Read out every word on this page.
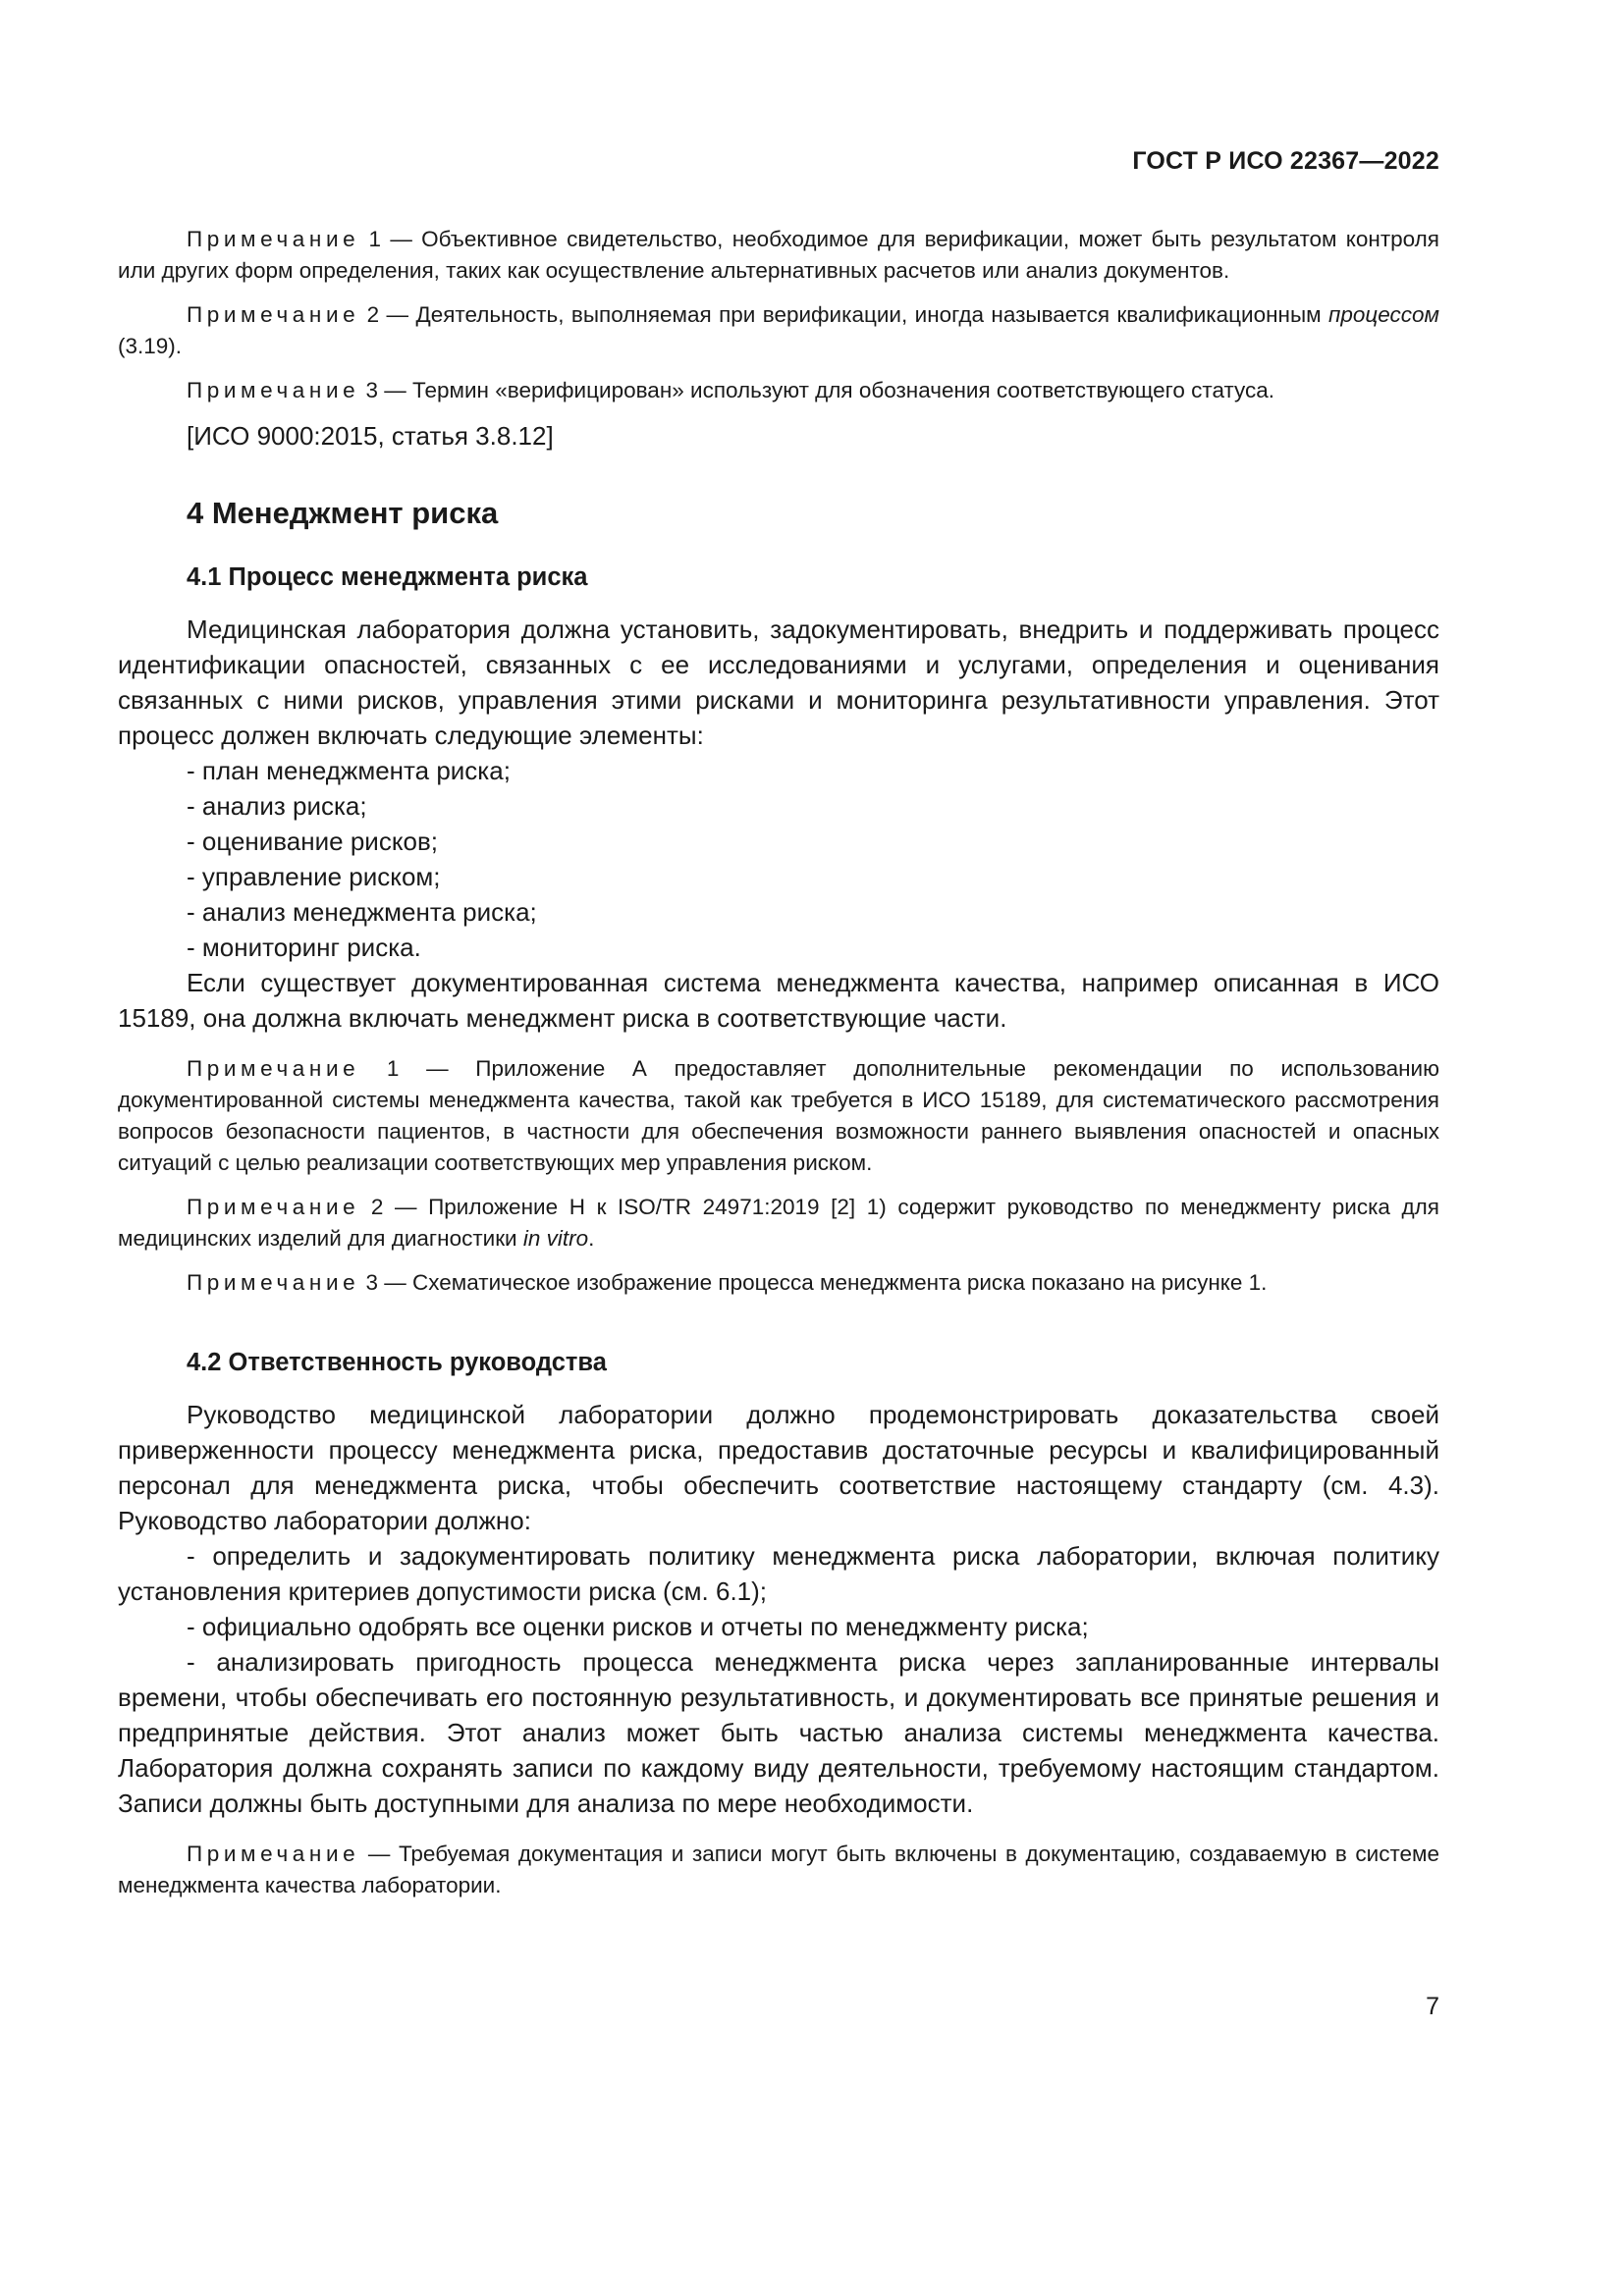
ГОСТ Р ИСО 22367—2022

Примечание 1 — Объективное свидетельство, необходимое для верификации, может быть результатом контроля или других форм определения, таких как осуществление альтернативных расчетов или анализ документов.

Примечание 2 — Деятельность, выполняемая при верификации, иногда называется квалификационным процессом (3.19).

Примечание 3 — Термин «верифицирован» используют для обозначения соответствующего статуса.

[ИСО 9000:2015, статья 3.8.12]

4 Менеджмент риска
4.1 Процесс менеджмента риска

Медицинская лаборатория должна установить, задокументировать, внедрить и поддерживать процесс идентификации опасностей, связанных с ее исследованиями и услугами, определения и оценивания связанных с ними рисков, управления этими рисками и мониторинга результативности управления. Этот процесс должен включать следующие элементы:

- план менеджмента риска;
- анализ риска;
- оценивание рисков;
- управление риском;
- анализ менеджмента риска;
- мониторинг риска.

Если существует документированная система менеджмента качества, например описанная в ИСО 15189, она должна включать менеджмент риска в соответствующие части.

Примечание 1 — Приложение А предоставляет дополнительные рекомендации по использованию документированной системы менеджмента качества, такой как требуется в ИСО 15189, для систематического рассмотрения вопросов безопасности пациентов, в частности для обеспечения возможности раннего выявления опасностей и опасных ситуаций с целью реализации соответствующих мер управления риском.

Примечание 2 — Приложение Н к ISO/TR 24971:2019 [2] 1) содержит руководство по менеджменту риска для медицинских изделий для диагностики in vitro.

Примечание 3 — Схематическое изображение процесса менеджмента риска показано на рисунке 1.

4.2 Ответственность руководства

Руководство медицинской лаборатории должно продемонстрировать доказательства своей приверженности процессу менеджмента риска, предоставив достаточные ресурсы и квалифицированный персонал для менеджмента риска, чтобы обеспечить соответствие настоящему стандарту (см. 4.3). Руководство лаборатории должно:

- определить и задокументировать политику менеджмента риска лаборатории, включая политику установления критериев допустимости риска (см. 6.1);
- официально одобрять все оценки рисков и отчеты по менеджменту риска;
- анализировать пригодность процесса менеджмента риска через запланированные интервалы времени, чтобы обеспечивать его постоянную результативность, и документировать все принятые решения и предпринятые действия. Этот анализ может быть частью анализа системы менеджмента качества. Лаборатория должна сохранять записи по каждому виду деятельности, требуемому настоящим стандартом. Записи должны быть доступными для анализа по мере необходимости.

Примечание — Требуемая документация и записи могут быть включены в документацию, создаваемую в системе менеджмента качества лаборатории.

7
